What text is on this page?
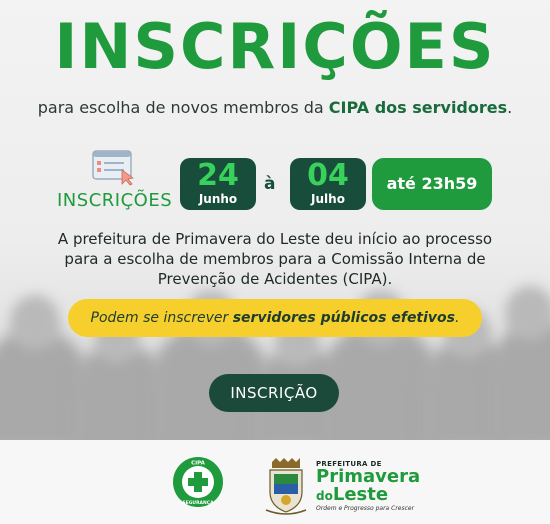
INSCRIÇÕES
para escolha de novos membros da CIPA dos servidores.
INSCRIÇÕES
24
Junho
à	04
Julho
até 23h59
A prefeitura de Primavera do Leste deu início ao processo
para a escolha de membros para a Comissão Interna de
Prevenção de Acidentes (CIPA).
Podem se inscrever servidores públicos efetivos.
INSCRIÇÃO
CIPA
SEGURANÇA
PREFEITURA DE
Primavera
doLeste
Ordem e Progresso para Crescer
